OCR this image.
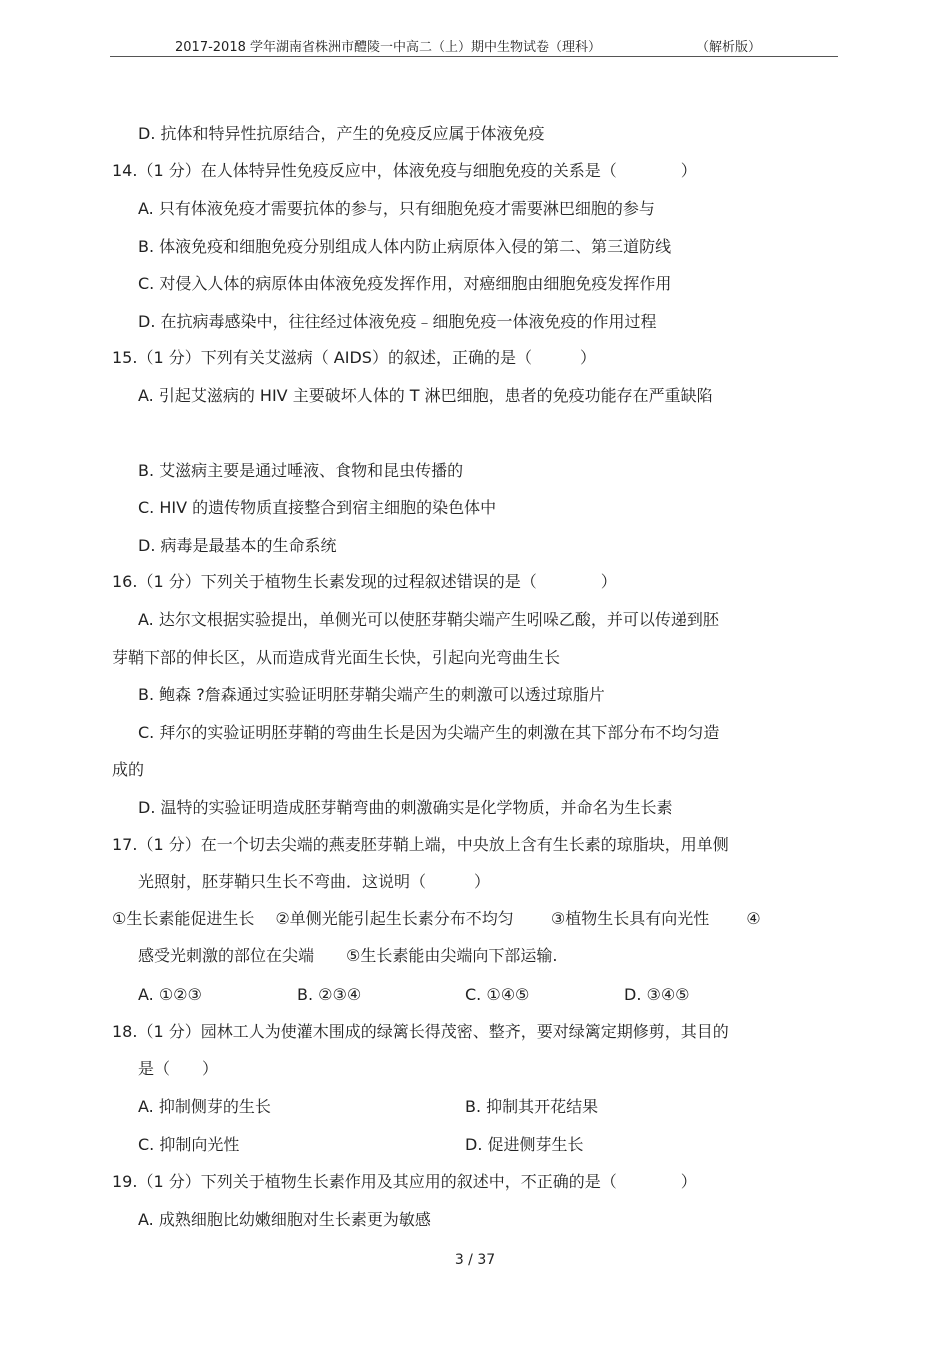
2017-2018 学年湖南省株洲市醴陵一中高二（上）期中生物试卷（理科）	（解析版）
D. 抗体和特异性抗原结合，产生的免疫反应属于体液免疫
14.（1 分）在人体特异性免疫反应中，体液免疫与细胞免疫的关系是（　　　　）
A. 只有体液免疫才需要抗体的参与，只有细胞免疫才需要淋巴细胞的参与
B. 体液免疫和细胞免疫分别组成人体内防止病原体入侵的第二、第三道防线
C. 对侵入人体的病原体由体液免疫发挥作用，对癌细胞由细胞免疫发挥作用
D. 在抗病毒感染中，往往经过体液免疫﹣细胞免疫一体液免疫的作用过程
15.（1 分）下列有关艾滋病（ AIDS）的叙述，正确的是（　　　）
A. 引起艾滋病的 HIV 主要破坏人体的 T 淋巴细胞，患者的免疫功能存在严重缺陷
B. 艾滋病主要是通过唾液、食物和昆虫传播的
C. HIV 的遗传物质直接整合到宿主细胞的染色体中
D. 病毒是最基本的生命系统
16.（1 分）下列关于植物生长素发现的过程叙述错误的是（　　　　）
A. 达尔文根据实验提出，单侧光可以使胚芽鞘尖端产生吲哚乙酸，并可以传递到胚
芽鞘下部的伸长区，从而造成背光面生长快，引起向光弯曲生长
B. 鲍森 ?詹森通过实验证明胚芽鞘尖端产生的刺激可以透过琼脂片
C. 拜尔的实验证明胚芽鞘的弯曲生长是因为尖端产生的刺激在其下部分布不均匀造
成的
D. 温特的实验证明造成胚芽鞘弯曲的刺激确实是化学物质，并命名为生长素
17.（1 分）在一个切去尖端的燕麦胚芽鞘上端，中央放上含有生长素的琼脂块，用单侧
光照射，胚芽鞘只生长不弯曲．这说明（　　　）
①生长素能促进生长　 ②单侧光能引起生长素分布不均匀　　 ③植物生长具有向光性　　 ④
感受光刺激的部位在尖端　　⑤生长素能由尖端向下部运输.
A. ①②③	B. ②③④	C. ①④⑤	D. ③④⑤
18.（1 分）园林工人为使灌木围成的绿篱长得茂密、整齐，要对绿篱定期修剪，其目的
是（　　）
A. 抑制侧芽的生长	B. 抑制其开花结果
C. 抑制向光性	D. 促进侧芽生长
19.（1 分）下列关于植物生长素作用及其应用的叙述中，不正确的是（　　　　）
A. 成熟细胞比幼嫩细胞对生长素更为敏感
3 / 37
